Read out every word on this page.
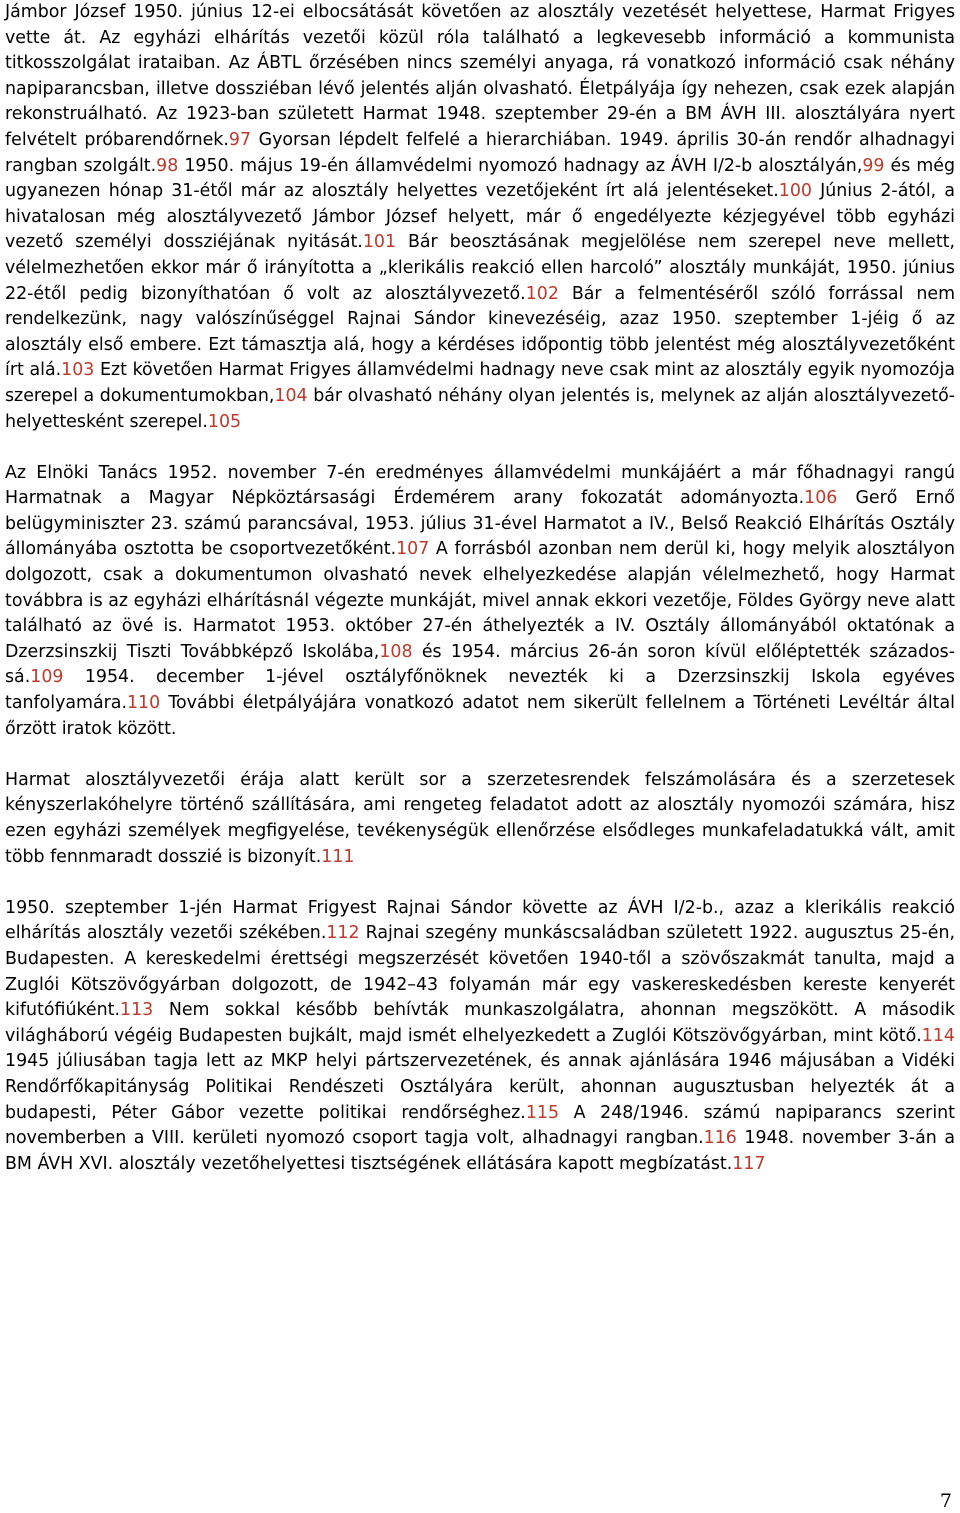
Jámbor József 1950. június 12-ei elbocsátását követően az alosztály vezetését helyettese, Harmat Frigyes vette át. Az egyházi elhárítás vezetői közül róla található a legkevesebb információ a kommunista titkosszolgálat irataiban. Az ÁBTL őrzésében nincs személyi anyaga, rá vonatkozó információ csak néhány napiparancsban, illetve dossziéban lévő jelentés alján olvasható. Életpályája így nehezen, csak ezek alapján rekonstruálható. Az 1923-ban született Harmat 1948. szeptember 29-én a BM ÁVH III. alosztályára nyert felvételt próbarendőrnek.97 Gyorsan lépdelt felfelé a hierarchiában. 1949. április 30-án rendőr alhadnagyi rangban szolgált.98 1950. május 19-én államvédelmi nyomozó hadnagy az ÁVH I/2-b alosztályán,99 és még ugyanezen hónap 31-étől már az alosztály helyettes vezetőjeként írt alá jelentéseket.100 Június 2-ától, a hivatalosan még alosztályvezető Jámbor József helyett, már ő engedélyezte kézjegyével több egyházi vezető személyi dossziéjának nyitását.101 Bár beosztásának megjelölése nem szerepel neve mellett, vélelmezhetően ekkor már ő irányította a „klerikális reakció ellen harcoló” alosztály munkáját, 1950. június 22-étől pedig bizonyíthatóan ő volt az alosztályvezető.102 Bár a felmentéséről szóló forrással nem rendelkezünk, nagy valószínűséggel Rajnai Sándor kinevezéséig, azaz 1950. szeptember 1-jéig ő az alosztály első embere. Ezt támasztja alá, hogy a kérdéses időpontig több jelentést még alosztályvezetőként írt alá.103 Ezt követően Harmat Frigyes államvédelmi hadnagy neve csak mint az alosztály egyik nyomozója szerepel a dokumentumokban,104 bár olvasható néhány olyan jelentés is, melynek az alján alosztályvezető-helyettesként szerepel.105

Az Elnöki Tanács 1952. november 7-én eredményes államvédelmi munkájáért a már főhadnagyi rangú Harmatnak a Magyar Népköztársasági Érdemérem arany fokozatát adományozta.106 Gerő Ernő belügyminiszter 23. számú parancsával, 1953. július 31-ével Harmatot a IV., Belső Reakció Elhárítás Osztály állományába osztotta be csoportvezetőként.107 A forrásból azonban nem derül ki, hogy melyik alosztályon dolgozott, csak a dokumentumon olvasható nevek elhelyezkedése alapján vélelmezhető, hogy Harmat továbbra is az egyházi elhárításnál végezte munkáját, mivel annak ekkori vezetője, Földes György neve alatt található az övé is. Harmatot 1953. október 27-én áthelyezték a IV. Osztály állományából oktatónak a Dzerzsinszkij Tiszti Továbbképző Iskolába,108 és 1954. március 26-án soron kívül előléptették századossá.109 1954. december 1-jével osztályfőnöknek nevezték ki a Dzerzsinszkij Iskola egyéves tanfolyamára.110 További életpályájára vonatkozó adatot nem sikerült fellelnem a Történeti Levéltár által őrzött iratok között.

Harmat alosztályvezetői érája alatt került sor a szerzetesrendek felszámolására és a szerzetesek kényszerlakóhelyre történő szállítására, ami rengeteg feladatot adott az alosztály nyomozói számára, hisz ezen egyházi személyek megfigyelése, tevékenységük ellenőrzése elsődleges munkafeladatukká vált, amit több fennmaradt dosszié is bizonyít.111

1950. szeptember 1-jén Harmat Frigyest Rajnai Sándor követte az ÁVH I/2-b., azaz a klerikális reakció elhárítás alosztály vezetői székében.112 Rajnai szegény munkáscsaládban született 1922. augusztus 25-én, Budapesten. A kereskedelmi érettségi megszerzését követően 1940-től a szövőszakmát tanulta, majd a Zuglói Kötszövőgyárban dolgozott, de 1942–43 folyamán már egy vaskereskedésben kereste kenyerét kifutófiúként.113 Nem sokkal később behívták munkaszolgálatra, ahonnan megszökött. A második világháború végéig Budapesten bujkált, majd ismét elhelyezkedett a Zuglói Kötszövőgyárban, mint kötő.114 1945 júliusában tagja lett az MKP helyi pártszervezetének, és annak ajánlására 1946 májusában a Vidéki Rendőrfőkapitányság Politikai Rendészeti Osztályára került, ahonnan augusztusban helyezték át a budapesti, Péter Gábor vezette politikai rendőrséghez.115 A 248/1946. számú napiparancs szerint novemberben a VIII. kerületi nyomozó csoport tagja volt, alhadnagyi rangban.116 1948. november 3-án a BM ÁVH XVI. alosztály vezetőhelyettesi tisztségének ellátására kapott megbízatást.117

7
